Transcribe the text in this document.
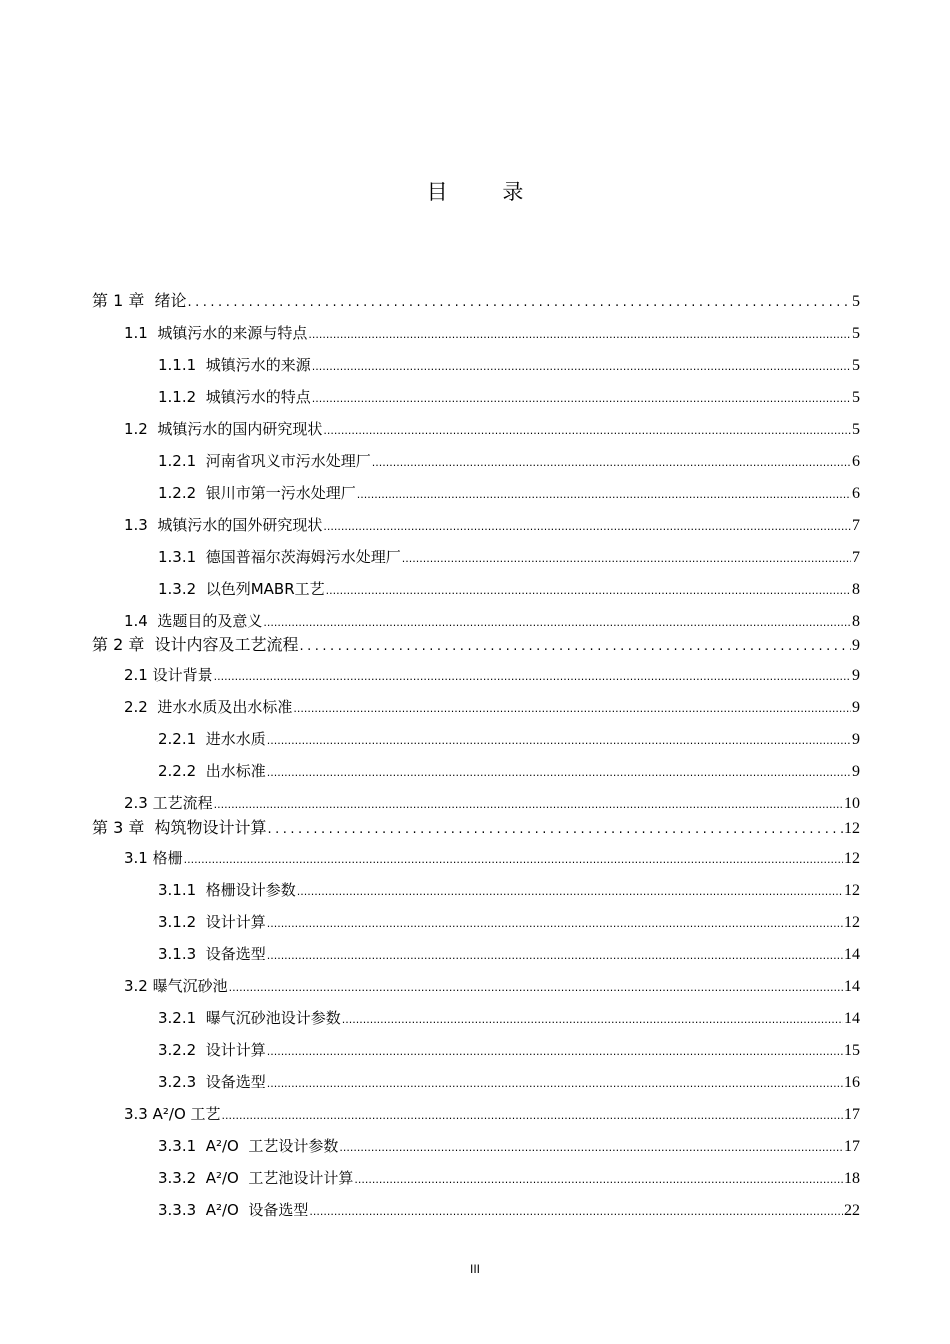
目 录
第 1 章  绪论 .....	5
1.1  城镇污水的来源与特点 .....	5
1.1.1  城镇污水的来源 .....	5
1.1.2  城镇污水的特点 .....	5
1.2  城镇污水的国内研究现状 .....	5
1.2.1  河南省巩义市污水处理厂 .....	6
1.2.2  银川市第一污水处理厂 .....	6
1.3  城镇污水的国外研究现状 .....	7
1.3.1  德国普福尔茨海姆污水处理厂 .....	7
1.3.2  以色列MABR工艺 .....	8
1.4  选题目的及意义 .....	8
第 2 章  设计内容及工艺流程 .....	9
2.1 设计背景 .....	9
2.2  进水水质及出水标准 .....	9
2.2.1  进水水质 .....	9
2.2.2  出水标准 .....	9
2.3 工艺流程 .....	10
第 3 章  构筑物设计计算 .....	12
3.1 格栅 .....	12
3.1.1  格栅设计参数 .....	12
3.1.2  设计计算 .....	12
3.1.3  设备选型 .....	14
3.2 曝气沉砂池 .....	14
3.2.1  曝气沉砂池设计参数 .....	14
3.2.2  设计计算 .....	15
3.2.3  设备选型 .....	16
3.3 A²/O 工艺 .....	17
3.3.1  A²/O  工艺设计参数 .....	17
3.3.2  A²/O  工艺池设计计算 .....	18
3.3.3  A²/O  设备选型 .....	22
III
